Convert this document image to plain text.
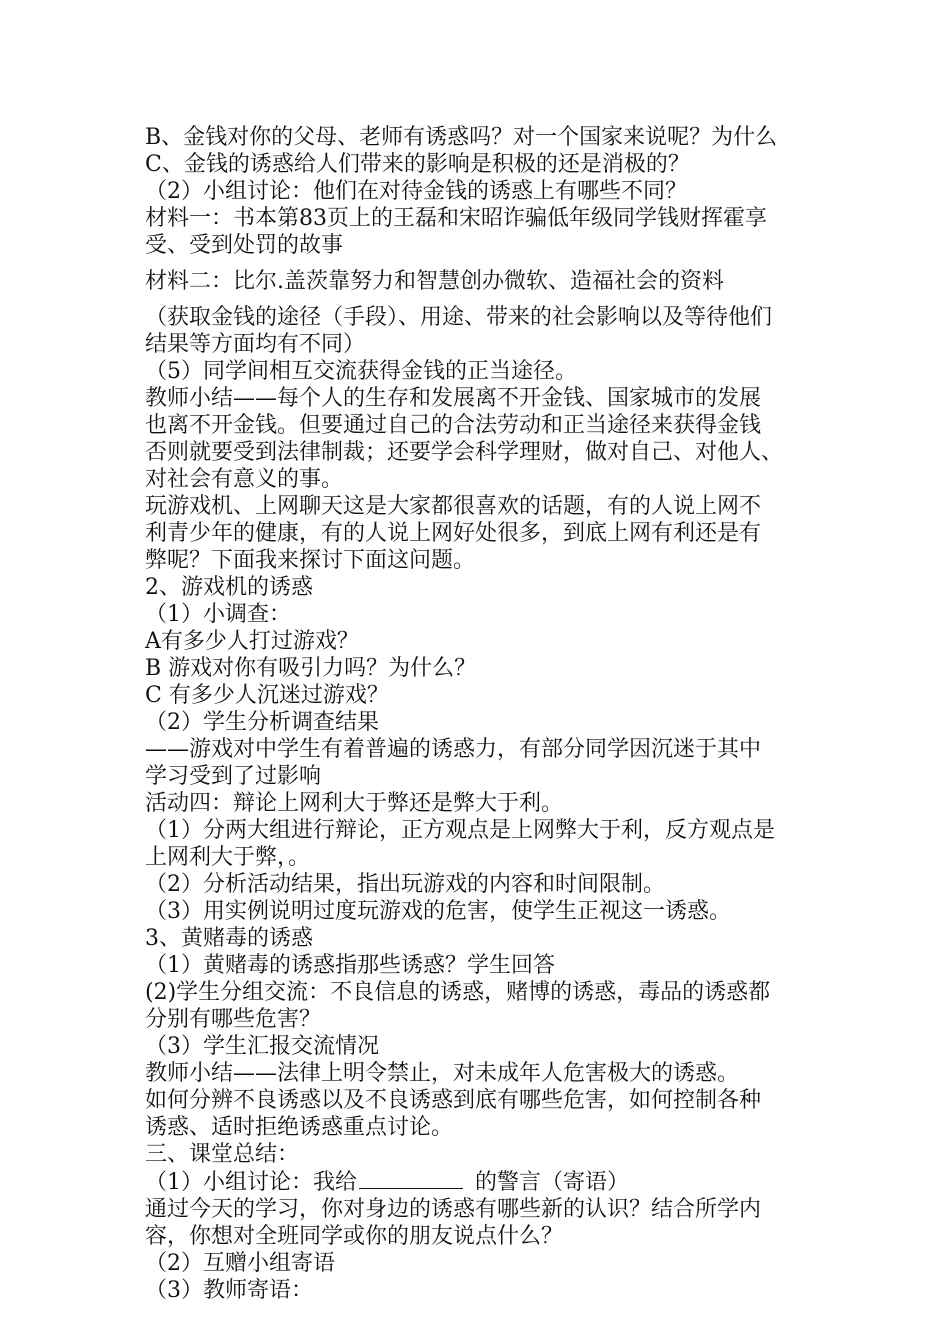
B、金钱对你的父母、老师有诱惑吗？对一个国家来说呢？为什么
C、金钱的诱惑给人们带来的影响是积极的还是消极的？
（2）小组讨论：他们在对待金钱的诱惑上有哪些不同？
材料一：书本第83页上的王磊和宋昭诈骗低年级同学钱财挥霍享
受、受到处罚的故事
材料二：比尔.盖茨靠努力和智慧创办微软、造福社会的资料
（获取金钱的途径（手段）、用途、带来的社会影响以及等待他们
结果等方面均有不同）
（5）同学间相互交流获得金钱的正当途径。
教师小结——每个人的生存和发展离不开金钱、国家城市的发展
也离不开金钱。但要通过自己的合法劳动和正当途径来获得金钱
否则就要受到法律制裁；还要学会科学理财，做对自己、对他人、
对社会有意义的事。
玩游戏机、上网聊天这是大家都很喜欢的话题，有的人说上网不
利青少年的健康，有的人说上网好处很多，到底上网有利还是有
弊呢？下面我来探讨下面这问题。
2、游戏机的诱惑
（1）小调查：
A有多少人打过游戏？
B 游戏对你有吸引力吗？为什么？
C 有多少人沉迷过游戏？
（2）学生分析调查结果
——游戏对中学生有着普遍的诱惑力，有部分同学因沉迷于其中
学习受到了过影响
活动四：辩论上网利大于弊还是弊大于利。
（1）分两大组进行辩论，正方观点是上网弊大于利，反方观点是
上网利大于弊，。
（2）分析活动结果，指出玩游戏的内容和时间限制。
（3）用实例说明过度玩游戏的危害，使学生正视这一诱惑。
3、黄赌毒的诱惑
（1）黄赌毒的诱惑指那些诱惑？学生回答
(2)学生分组交流：不良信息的诱惑，赌博的诱惑，毒品的诱惑都
分别有哪些危害？
（3）学生汇报交流情况
教师小结——法律上明令禁止，对未成年人危害极大的诱惑。
如何分辨不良诱惑以及不良诱惑到底有哪些危害，如何控制各种
诱惑、适时拒绝诱惑重点讨论。
三、课堂总结：
（1）小组讨论：我给	的警言（寄语）
通过今天的学习，你对身边的诱惑有哪些新的认识？结合所学内
容，你想对全班同学或你的朋友说点什么？
（2）互赠小组寄语
（3）教师寄语：
